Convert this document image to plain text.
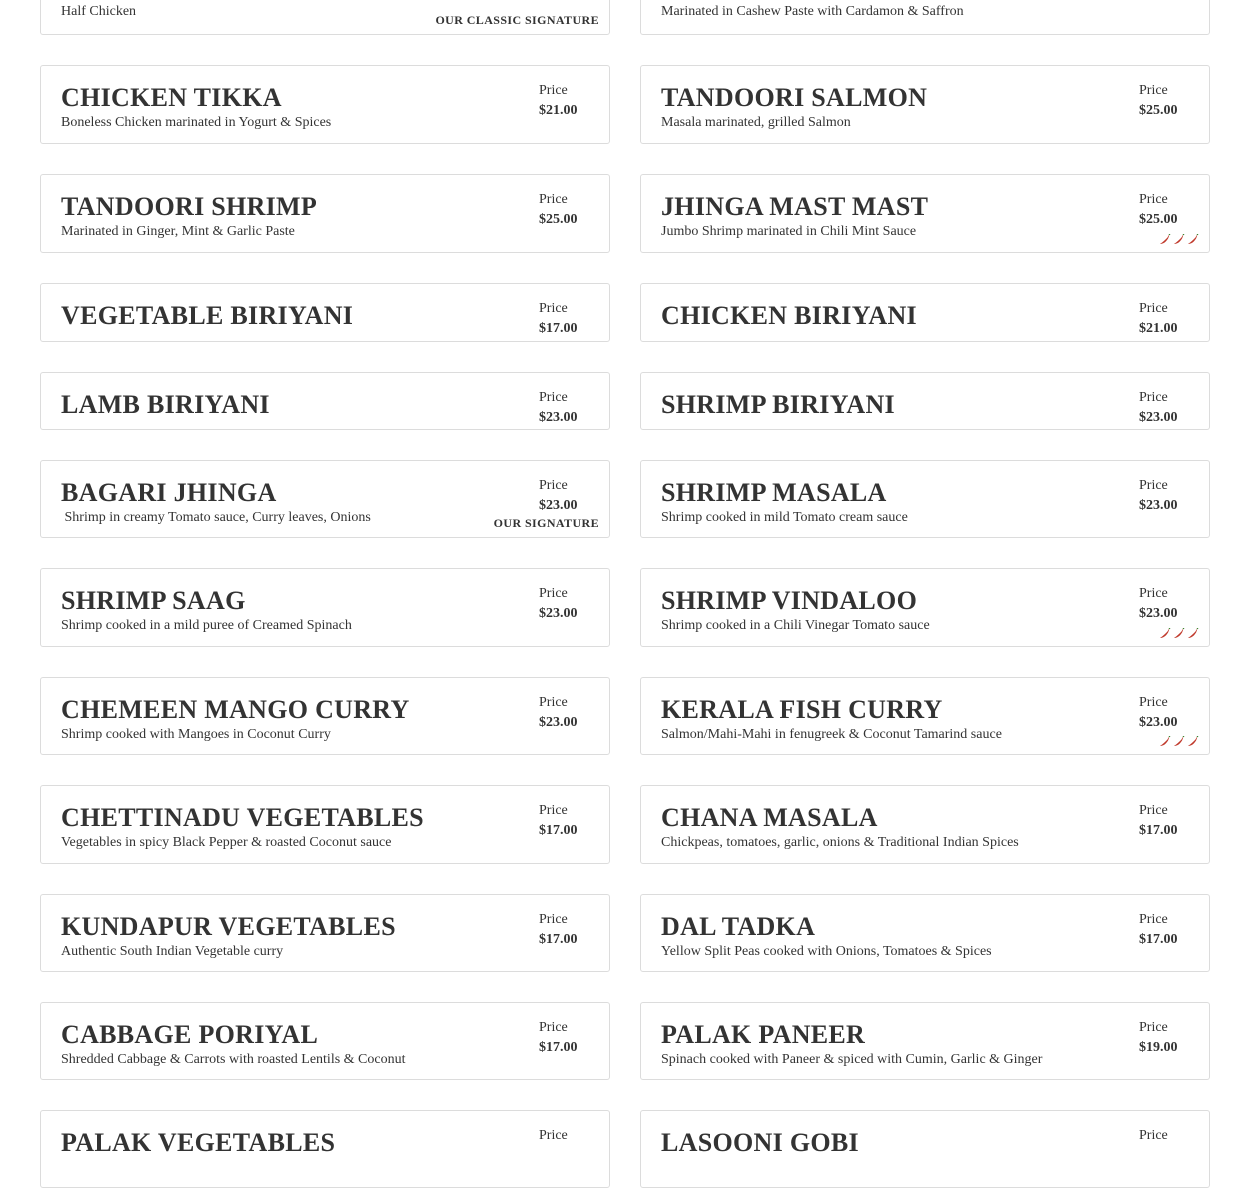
Half Chicken
OUR CLASSIC SIGNATURE
Marinated in Cashew Paste with Cardamon & Saffron
CHICKEN TIKKA
Boneless Chicken marinated in Yogurt & Spices
Price
$21.00	TANDOORI SALMON
Masala marinated, grilled Salmon
Price
$25.00
TANDOORI SHRIMP
Marinated in Ginger, Mint & Garlic Paste
Price
$25.00	JHINGA MAST MAST
Jumbo Shrimp marinated in Chili Mint Sauce
Price
$25.00
VEGETABLE BIRIYANI	Price
$17.00	CHICKEN BIRIYANI	Price
$21.00
LAMB BIRIYANI	Price
$23.00	SHRIMP BIRIYANI	Price
$23.00
BAGARI JHINGA
Shrimp in creamy Tomato sauce, Curry leaves, Onions
Price
$23.00
OUR SIGNATURE
SHRIMP MASALA
Shrimp cooked in mild Tomato cream sauce
Price
$23.00
SHRIMP SAAG
Shrimp cooked in a mild puree of Creamed Spinach
Price
$23.00	SHRIMP VINDALOO
Shrimp cooked in a Chili Vinegar Tomato sauce
Price
$23.00
CHEMEEN MANGO CURRY
Shrimp cooked with Mangoes in Coconut Curry
Price
$23.00	KERALA FISH CURRY
Salmon/Mahi-Mahi in fenugreek & Coconut Tamarind sauce
Price
$23.00
CHETTINADU VEGETABLES
Vegetables in spicy Black Pepper & roasted Coconut sauce
Price
$17.00	CHANA MASALA
Chickpeas, tomatoes, garlic, onions & Traditional Indian Spices
Price
$17.00
KUNDAPUR VEGETABLES
Authentic South Indian Vegetable curry
Price
$17.00	DAL TADKA
Yellow Split Peas cooked with Onions, Tomatoes & Spices
Price
$17.00
CABBAGE PORIYAL
Shredded Cabbage & Carrots with roasted Lentils & Coconut
Price
$17.00	PALAK PANEER
Spinach cooked with Paneer & spiced with Cumin, Garlic & Ginger
Price
$19.00
PALAK VEGETABLES	Price	LASOONI GOBI	Price
